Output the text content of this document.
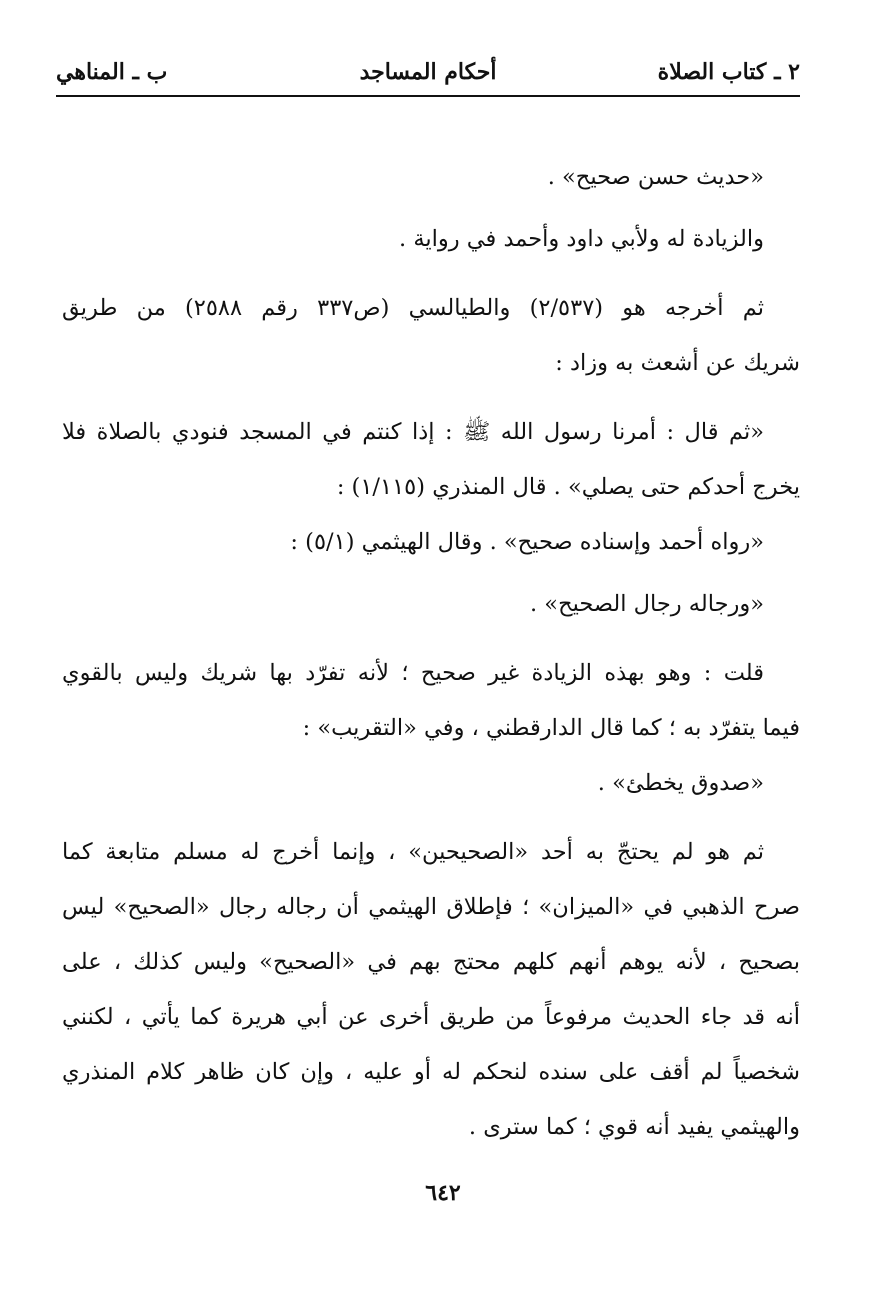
٢ ـ كتاب الصلاة
أحكام المساجد
ب ـ المناهي
«حديث حسن صحيح» .
والزيادة له ولأبي داود وأحمد في رواية .
ثم أخرجه هو (٢/٥٣٧) والطيالسي (ص٣٣٧ رقم ٢٥٨٨) من طريق
شريك عن أشعث به وزاد :
«ثم قال : أمرنا رسول الله ﷺ : إذا كنتم في المسجد فنودي بالصلاة فلا
يخرج أحدكم حتى يصلي» . قال المنذري (١/١١٥) :
«رواه أحمد وإسناده صحيح» . وقال الهيثمي (٥/١) :
«ورجاله رجال الصحيح» .
قلت : وهو بهذه الزيادة غير صحيح ؛ لأنه تفرّد بها شريك وليس بالقوي
فيما يتفرّد به ؛ كما قال الدارقطني ، وفي «التقريب» :
«صدوق يخطئ» .
ثم هو لم يحتجّ به أحد «الصحيحين» ، وإنما أخرج له مسلم متابعة كما
صرح الذهبي في «الميزان» ؛ فإطلاق الهيثمي أن رجاله رجال «الصحيح» ليس
بصحيح ، لأنه يوهم أنهم كلهم محتج بهم في «الصحيح» وليس كذلك ، على
أنه قد جاء الحديث مرفوعاً من طريق أخرى عن أبي هريرة كما يأتي ، لكنني
شخصياً لم أقف على سنده لنحكم له أو عليه ، وإن كان ظاهر كلام المنذري
والهيثمي يفيد أنه قوي ؛ كما سترى .
٦٤٢
